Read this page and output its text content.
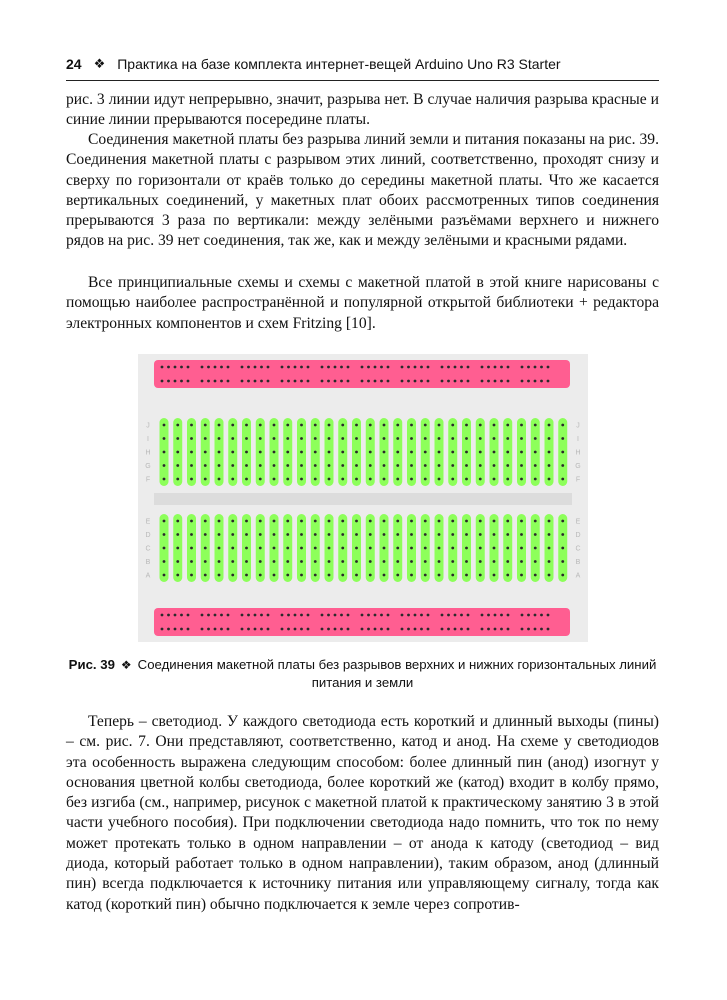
24 ❖ Практика на базе комплекта интернет-вещей Arduino Uno R3 Starter

рис. 3 линии идут непрерывно, значит, разрыва нет. В случае наличия разрыва красные и синие линии прерываются посередине платы.

Соединения макетной платы без разрыва линий земли и питания показаны на рис. 39. Соединения макетной платы с разрывом этих линий, соответственно, проходят снизу и сверху по горизонтали от краёв только до середины макетной платы. Что же касается вертикальных соединений, у макетных плат обоих рассмотренных типов соединения прерываются 3 раза по вертикали: между зелёными разъёмами верхнего и нижнего рядов на рис. 39 нет соединения, так же, как и между зелёными и красными рядами.

Все принципиальные схемы и схемы с макетной платой в этой книге нарисованы с помощью наиболее распространённой и популярной открытой библиотеки + редактора электронных компонентов и схем Fritzing [10].

J	J
I	I
H	H
G	G
F	F
E	E
D	D
C	C
B	B
A	A
Рис. 39 ❖ Соединения макетной платы без разрывов верхних и нижних горизонтальных линий питания и земли

Теперь – светодиод. У каждого светодиода есть короткий и длинный выходы (пины) – см. рис. 7. Они представляют, соответственно, катод и анод. На схеме у светодиодов эта особенность выражена следующим способом: более длинный пин (анод) изогнут у основания цветной колбы светодиода, более короткий же (катод) входит в колбу прямо, без изгиба (см., например, рисунок с макетной платой к практическому занятию 3 в этой части учебного пособия). При подключении светодиода надо помнить, что ток по нему может протекать только в одном направлении – от анода к катоду (светодиод – вид диода, который работает только в одном направлении), таким образом, анод (длинный пин) всегда подключается к источнику питания или управляющему сигналу, тогда как катод (короткий пин) обычно подключается к земле через сопротив-
